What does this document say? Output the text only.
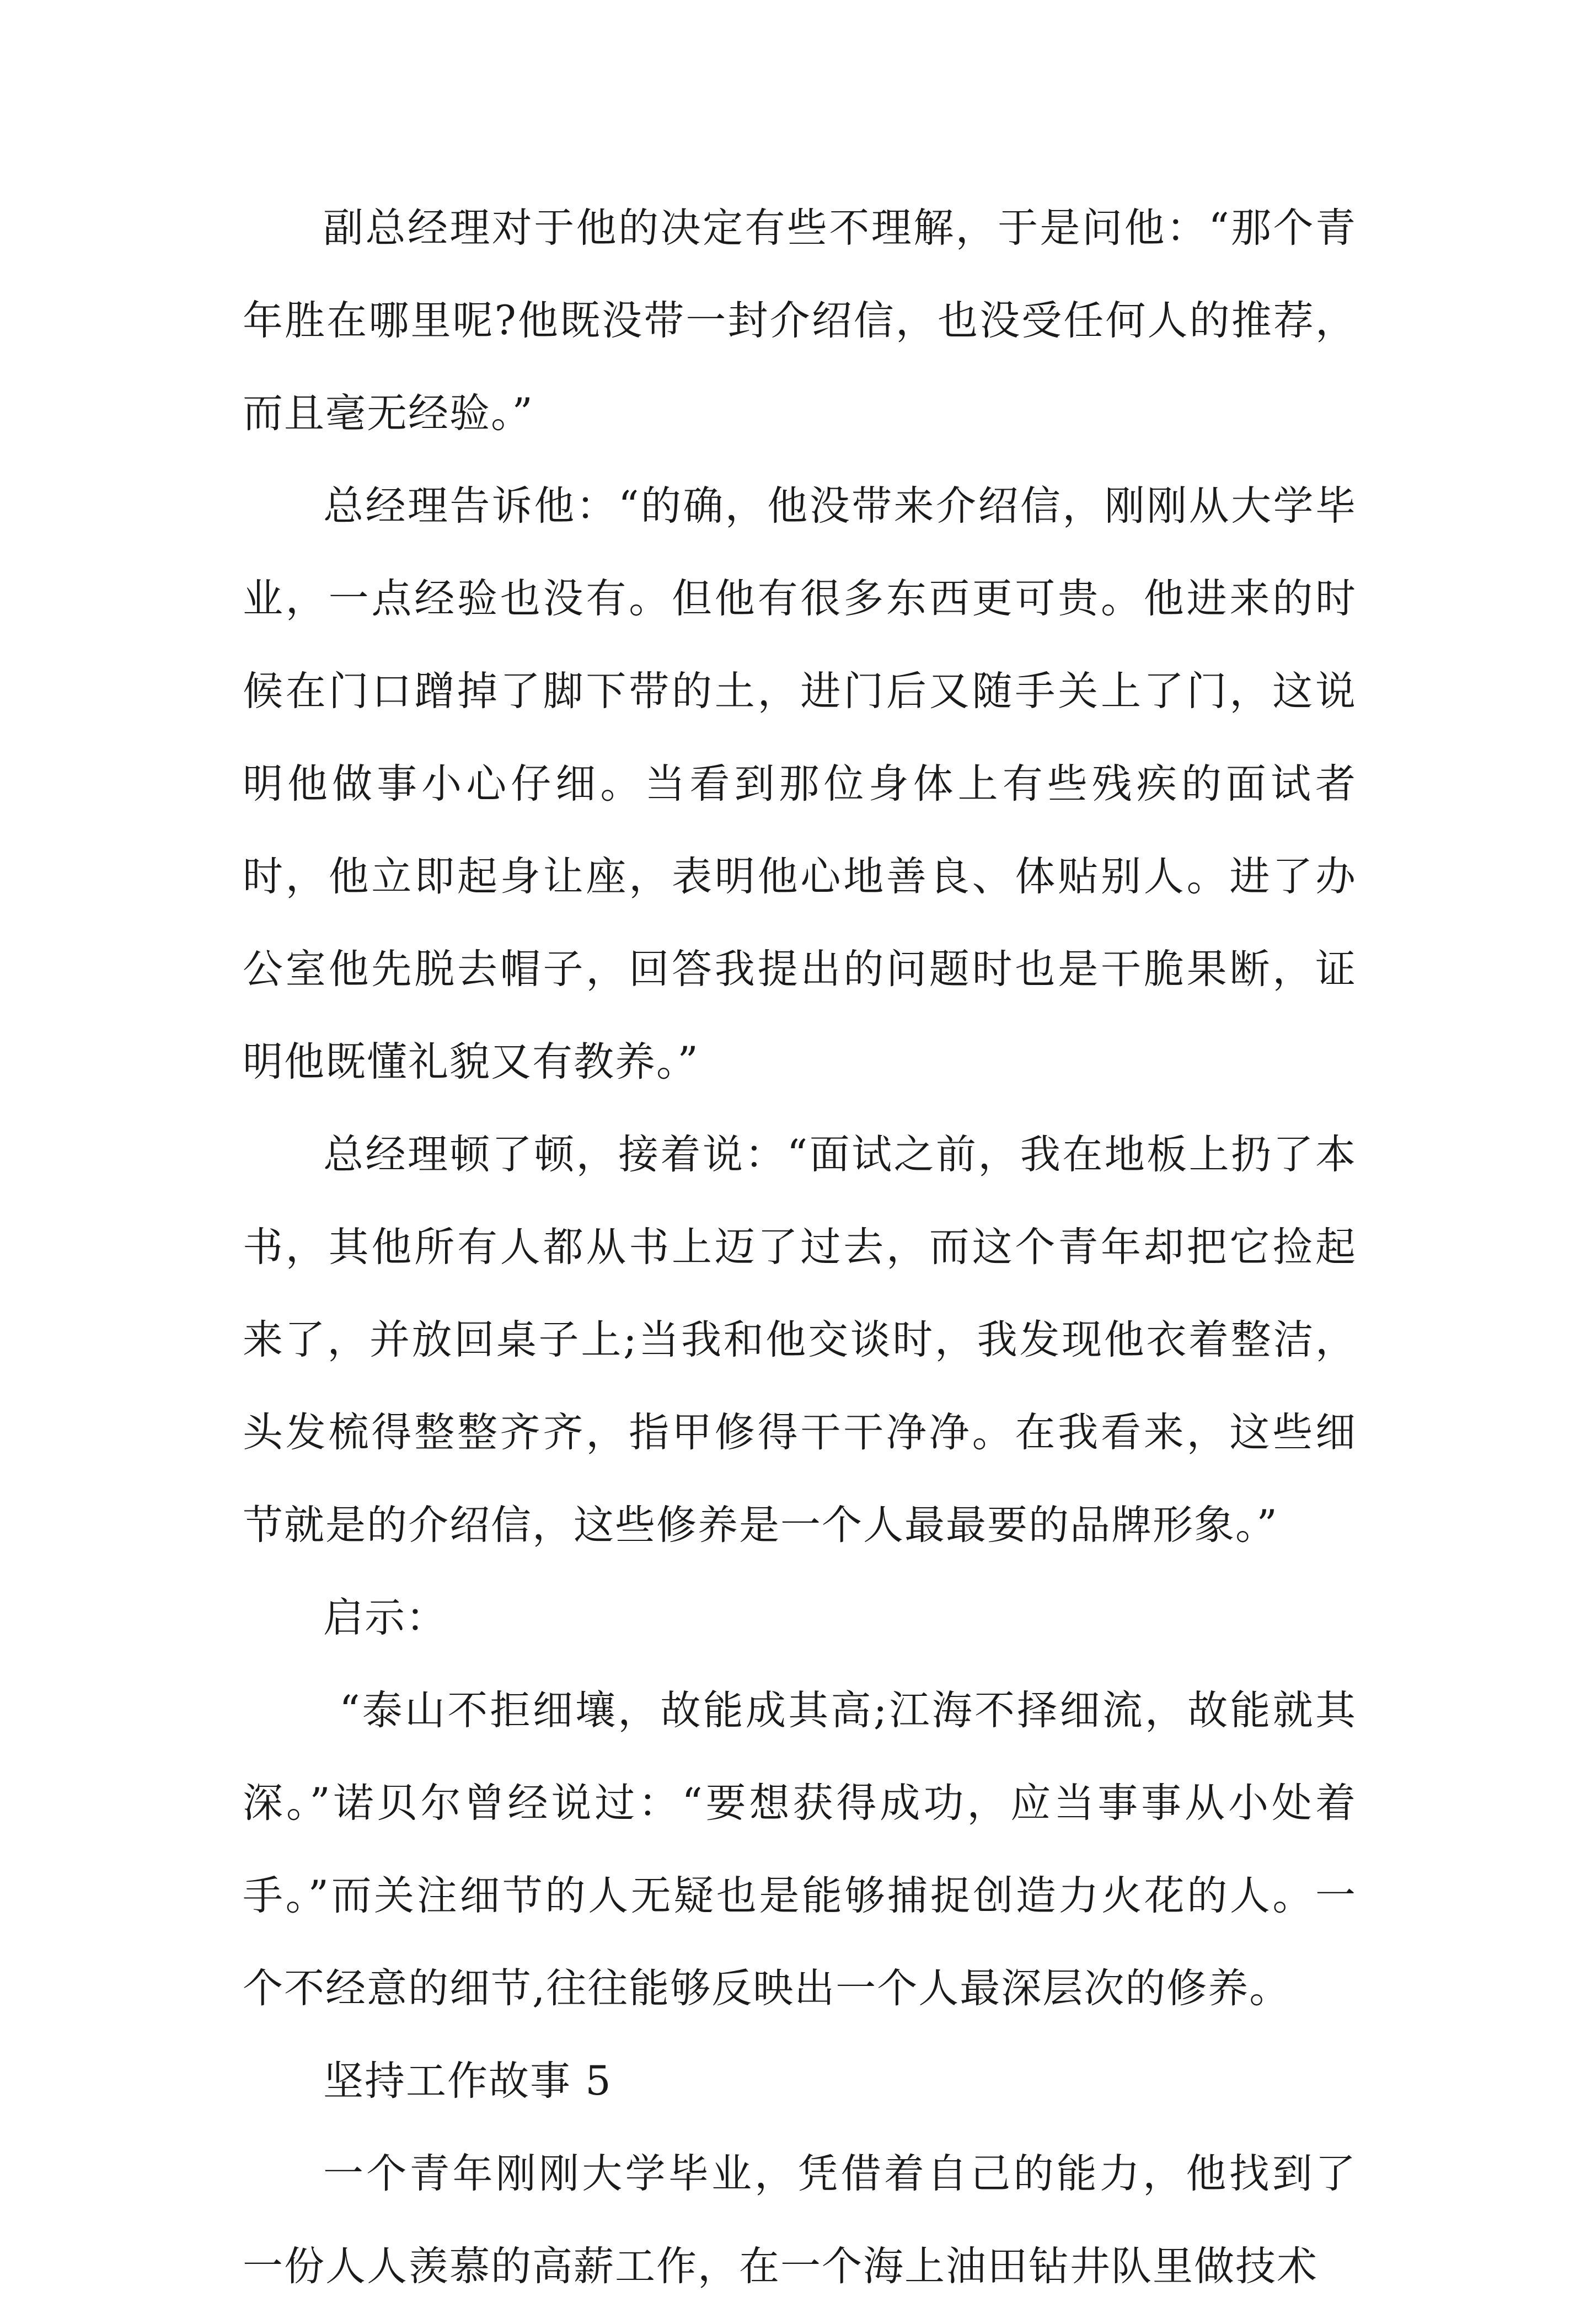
副总经理对于他的决定有些不理解，于是问他：“那个青年胜在哪里呢?他既没带一封介绍信，也没受任何人的推荐，而且毫无经验。”

总经理告诉他：“的确，他没带来介绍信，刚刚从大学毕业，一点经验也没有。但他有很多东西更可贵。他进来的时候在门口蹭掉了脚下带的土，进门后又随手关上了门，这说明他做事小心仔细。当看到那位身体上有些残疾的面试者时，他立即起身让座，表明他心地善良、体贴别人。进了办公室他先脱去帽子，回答我提出的问题时也是干脆果断，证明他既懂礼貌又有教养。”

总经理顿了顿，接着说：“面试之前，我在地板上扔了本书，其他所有人都从书上迈了过去，而这个青年却把它捡起来了，并放回桌子上;当我和他交谈时，我发现他衣着整洁，头发梳得整整齐齐，指甲修得干干净净。在我看来，这些细节就是的介绍信，这些修养是一个人最最要的品牌形象。”

启示：

“泰山不拒细壤，故能成其高;江海不择细流，故能就其深。”诺贝尔曾经说过：“要想获得成功，应当事事从小处着手。”而关注细节的人无疑也是能够捕捉创造力火花的人。一个不经意的细节,往往能够反映出一个人最深层次的修养。

坚持工作故事 5

一个青年刚刚大学毕业，凭借着自己的能力，他找到了一份人人羡慕的高薪工作，在一个海上油田钻井队里做技术
